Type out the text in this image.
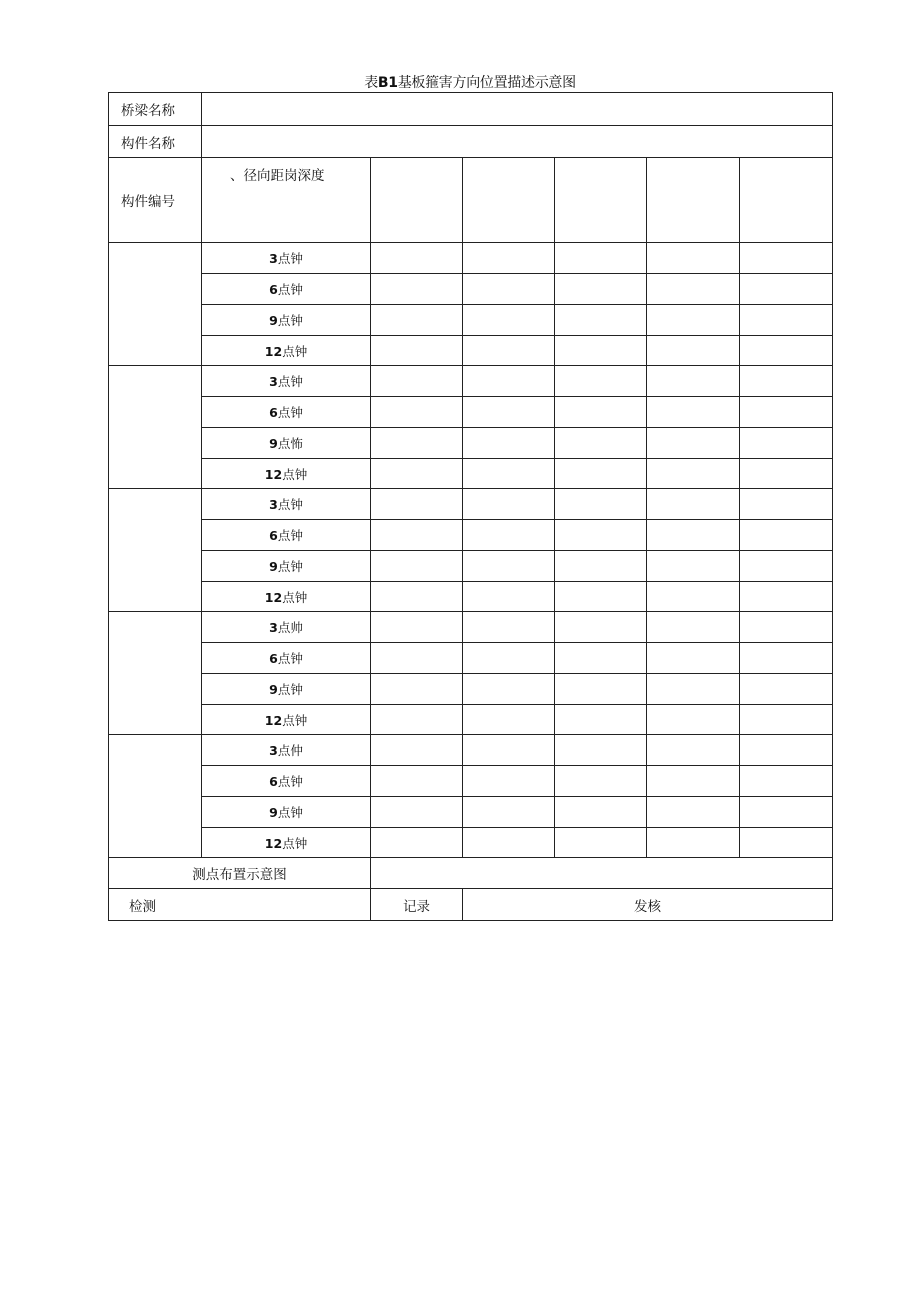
表B1基板箍害方向位置描述示意图
桥梁名称						
构件名称						
构件编号	、径向距岗深度					
	3点钟					
	6点钟					
	9点钟					
	12点钟					
	3点钟					
	6点钟					
	9点怖					
	12点钟					
	3点钟					
	6点钟					
	9点钟					
	12点钟					
	3点帅					
	6点钟					
	9点钟					
	12点钟					
	3点仲					
	6点钟					
	9点钟					
	12点钟					
测点布置示意图						
检测		记录	发核			
